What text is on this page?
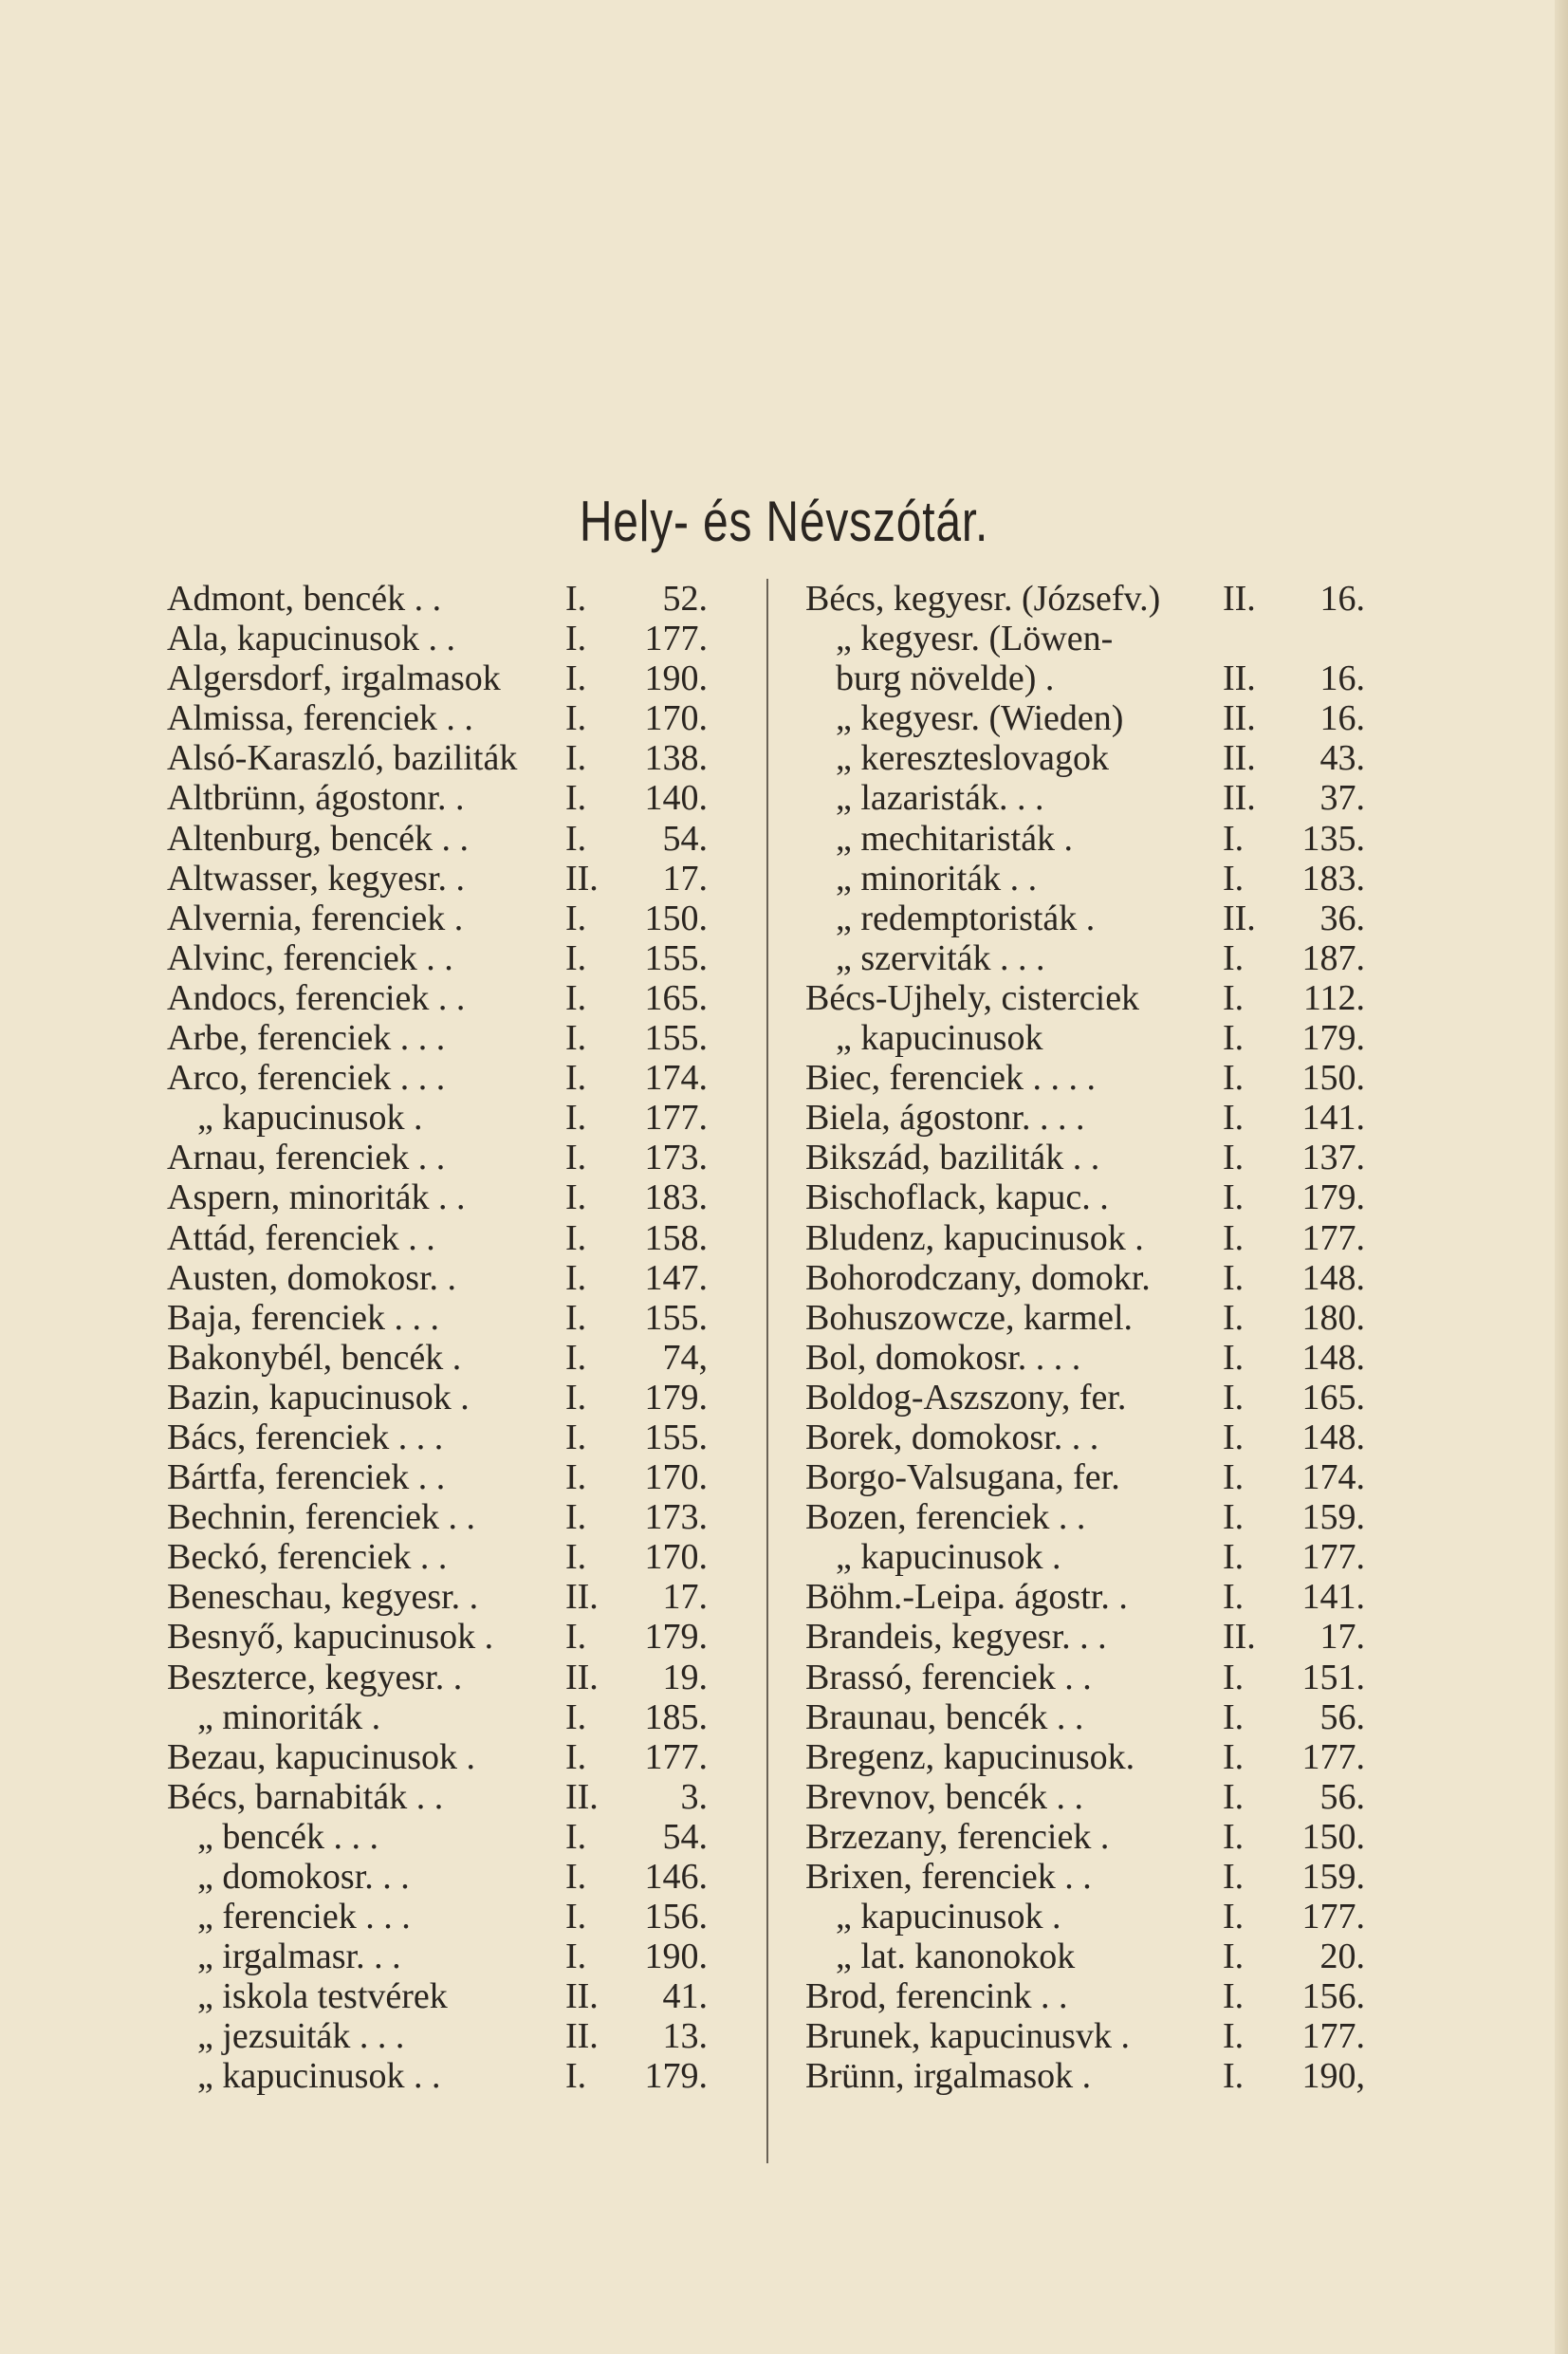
Hely- és Névszótár.
Admont, bencék . .	I.	52.
Ala, kapucinusok . .	I.	177.
Algersdorf, irgalmasok I.	190.
Almissa, ferenciek . .	I.	170.
Alsó-Karaszló, baziliták I.	138.
Altbrünn, ágostonr. .	I.	140.
Altenburg, bencék . .	I.	54.
Altwasser, kegyesr. .	II.	17.
Alvernia, ferenciek .	I.	150.
Alvinc, ferenciek . .	I.	155.
Andocs, ferenciek . .	I.	165.
Arbe, ferenciek . . .	I.	155.
Arco, ferenciek . . .	I.	174.
„ kapucinusok .	I.	177.
Arnau, ferenciek . .	I.	173.
Aspern, minoriták . .	I.	183.
Attád, ferenciek . .	I.	158.
Austen, domokosr. .	I.	147.
Baja, ferenciek . . .	I.	155.
Bakonybél, bencék .	I.	74,
Bazin, kapucinusok .	I.	179.
Bács, ferenciek . . .	I.	155.
Bártfa, ferenciek . .	I.	170.
Bechnin, ferenciek . .	I.	173.
Beckó, ferenciek . .	I.	170.
Beneschau, kegyesr. . II.	17.
Besnyő, kapucinusok . I.	179.
Beszterce, kegyesr. .	II.	19.
„ minoriták .	I.	185.
Bezau, kapucinusok . I.	177.
Bécs, barnabiták . .	II.	3.
„ bencék . . .	I.	54.
„ domokosr. . .	I.	146.
„ ferenciek . . .	I.	156.
„ irgalmasr. . .	I.	190.
„ iskola testvérek	II.	41.
„ jezsuiták . . .	II.	13.
„ kapucinusok . .	I.	179.
Bécs, kegyesr. (Józsefv.) II.	16.
„ kegyesr. (Löwen-
burg növelde) .	II.	16.
„ kegyesr. (Wieden)	II.	16.
„ kereszteslovagok	II.	43.
„ lazaristák. . .	II.	37.
„ mechitaristák .	I.	135.
„ minoriták . .	I.	183.
„ redemptoristák .	II.	36.
„ szerviták . . .	I.	187.
Bécs-Ujhely, cisterciek I.	112.
„ kapucinusok	I.	179.
Biec, ferenciek . . . .	I.	150.
Biela, ágostonr. . . .	I.	141.
Bikszád, baziliták . .	I.	137.
Bischoflack, kapuc. .	I.	179.
Bludenz, kapucinusok . I.	177.
Bohorodczany, domokr. I.	148.
Bohuszowcze, karmel. I.	180.
Bol, domokosr. . . .	I.	148.
Boldog-Aszszony, fer.	I.	165.
Borek, domokosr. . .	I.	148.
Borgo-Valsugana, fer.	I.	174.
Bozen, ferenciek . .	I.	159.
„ kapucinusok .	I.	177.
Böhm.-Leipa. ágostr. .	I.	141.
Brandeis, kegyesr. . .	II.	17.
Brassó, ferenciek . .	I.	151.
Braunau, bencék . .	I.	56.
Bregenz, kapucinusok. I.	177.
Brevnov, bencék . .	I.	56.
Brzezany, ferenciek .	I.	150.
Brixen, ferenciek . .	I.	159.
„ kapucinusok .	I.	177.
„ lat. kanonokok	I.	20.
Brod, ferencink . .	I.	156.
Brunek, kapucinusvk .	I.	177.
Brünn, irgalmasok .	I.	190,
